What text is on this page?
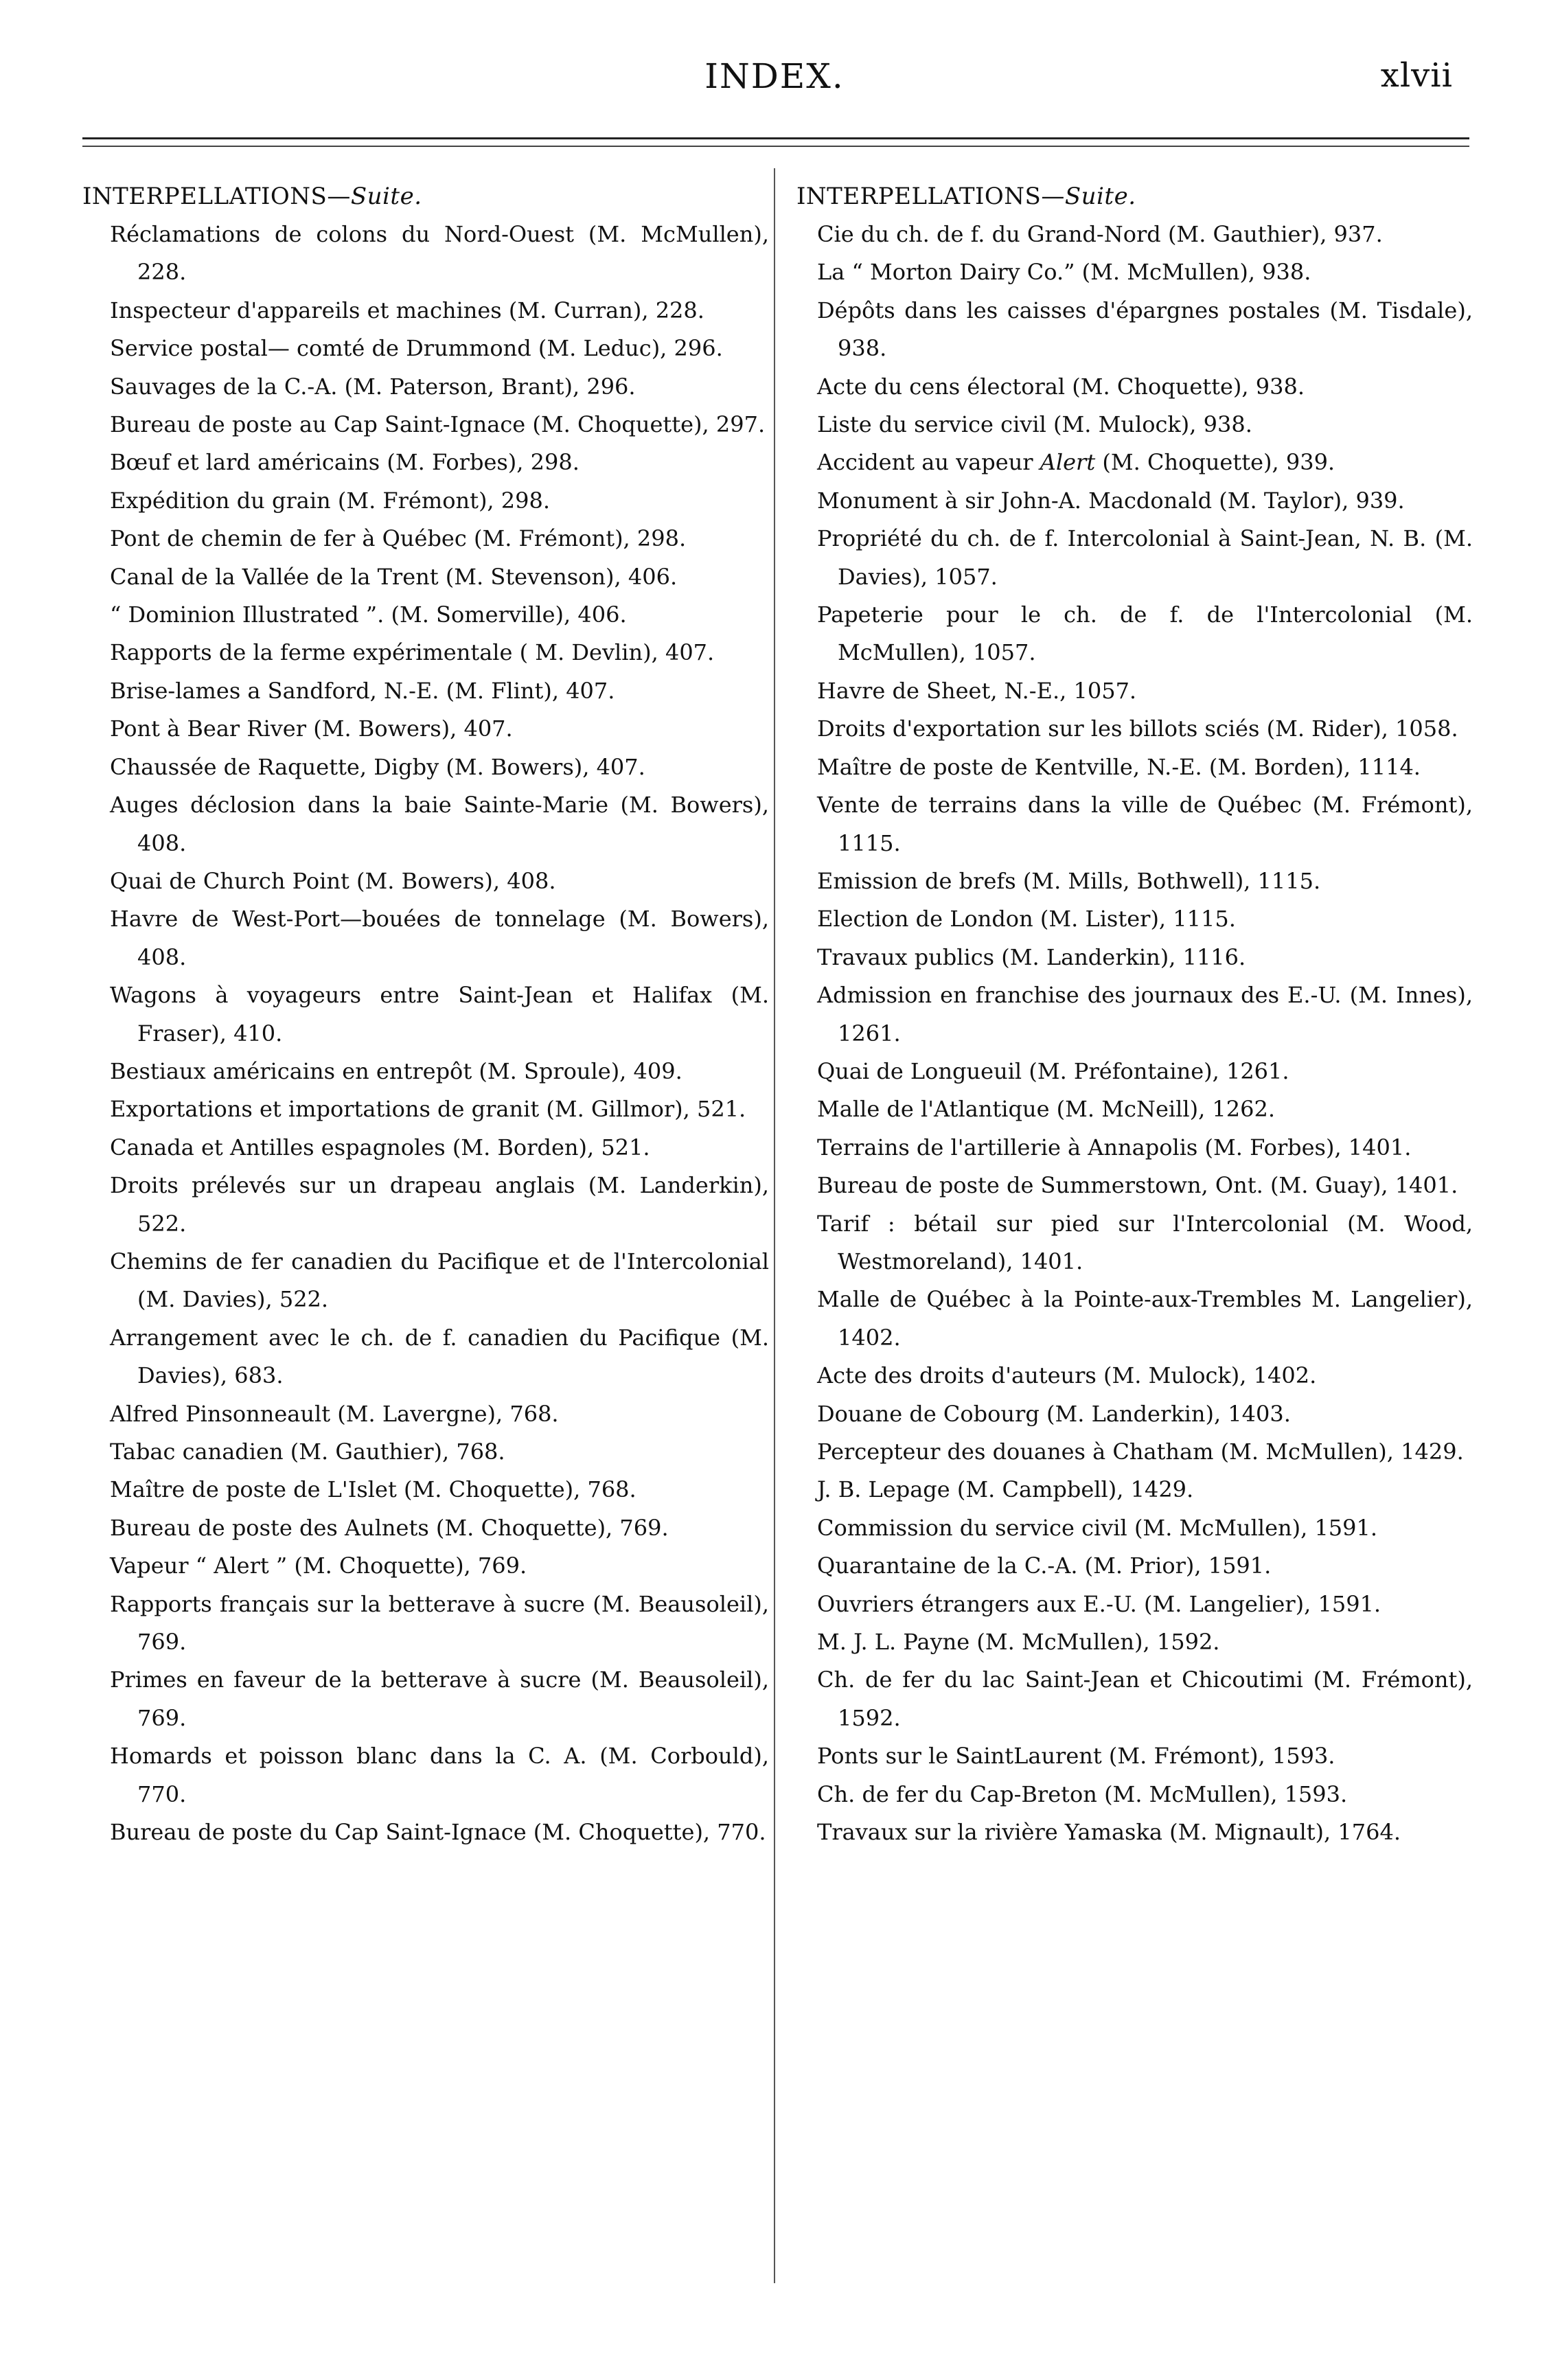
INDEX.	xlvii
INTERPELLATIONS—Suite.

Réclamations de colons du Nord-Ouest (M. McMullen), 228.

Inspecteur d'appareils et machines (M. Curran), 228.

Service postal— comté de Drummond (M. Leduc), 296.

Sauvages de la C.-A. (M. Paterson, Brant), 296.

Bureau de poste au Cap Saint-Ignace (M. Choquette), 297.

Bœuf et lard américains (M. Forbes), 298.

Expédition du grain (M. Frémont), 298.

Pont de chemin de fer à Québec (M. Frémont), 298.

Canal de la Vallée de la Trent (M. Stevenson), 406.

“ Dominion Illustrated ”. (M. Somerville), 406.

Rapports de la ferme expérimentale ( M. Devlin), 407.

Brise-lames a Sandford, N.-E. (M. Flint), 407.

Pont à Bear River (M. Bowers), 407.

Chaussée de Raquette, Digby (M. Bowers), 407.

Auges déclosion dans la baie Sainte-Marie (M. Bowers), 408.

Quai de Church Point (M. Bowers), 408.

Havre de West-Port—bouées de tonnelage (M. Bowers), 408.

Wagons à voyageurs entre Saint-Jean et Halifax (M. Fraser), 410.

Bestiaux américains en entrepôt (M. Sproule), 409.

Exportations et importations de granit (M. Gillmor), 521.

Canada et Antilles espagnoles (M. Borden), 521.

Droits prélevés sur un drapeau anglais (M. Landerkin), 522.

Chemins de fer canadien du Pacifique et de l'Intercolonial (M. Davies), 522.

Arrangement avec le ch. de f. canadien du Pacifique (M. Davies), 683.

Alfred Pinsonneault (M. Lavergne), 768.

Tabac canadien (M. Gauthier), 768.

Maître de poste de L'Islet (M. Choquette), 768.

Bureau de poste des Aulnets (M. Choquette), 769.

Vapeur “ Alert ” (M. Choquette), 769.

Rapports français sur la betterave à sucre (M. Beausoleil), 769.

Primes en faveur de la betterave à sucre (M. Beausoleil), 769.

Homards et poisson blanc dans la C. A. (M. Corbould), 770.

Bureau de poste du Cap Saint-Ignace (M. Choquette), 770.

INTERPELLATIONS—Suite.

Cie du ch. de f. du Grand-Nord (M. Gauthier), 937.

La “ Morton Dairy Co.” (M. McMullen), 938.

Dépôts dans les caisses d'épargnes postales (M. Tisdale), 938.

Acte du cens électoral (M. Choquette), 938.

Liste du service civil (M. Mulock), 938.

Accident au vapeur Alert (M. Choquette), 939.

Monument à sir John-A. Macdonald (M. Taylor), 939.

Propriété du ch. de f. Intercolonial à Saint-Jean, N. B. (M. Davies), 1057.

Papeterie pour le ch. de f. de l'Intercolonial (M. McMullen), 1057.

Havre de Sheet, N.-E., 1057.

Droits d'exportation sur les billots sciés (M. Rider), 1058.

Maître de poste de Kentville, N.-E. (M. Borden), 1114.

Vente de terrains dans la ville de Québec (M. Frémont), 1115.

Emission de brefs (M. Mills, Bothwell), 1115.

Election de London (M. Lister), 1115.

Travaux publics (M. Landerkin), 1116.

Admission en franchise des journaux des E.-U. (M. Innes), 1261.

Quai de Longueuil (M. Préfontaine), 1261.

Malle de l'Atlantique (M. McNeill), 1262.

Terrains de l'artillerie à Annapolis (M. Forbes), 1401.

Bureau de poste de Summerstown, Ont. (M. Guay), 1401.

Tarif : bétail sur pied sur l'Intercolonial (M. Wood, Westmoreland), 1401.

Malle de Québec à la Pointe-aux-Trembles M. Langelier), 1402.

Acte des droits d'auteurs (M. Mulock), 1402.

Douane de Cobourg (M. Landerkin), 1403.

Percepteur des douanes à Chatham (M. McMullen), 1429.

J. B. Lepage (M. Campbell), 1429.

Commission du service civil (M. McMullen), 1591.

Quarantaine de la C.-A. (M. Prior), 1591.

Ouvriers étrangers aux E.-U. (M. Langelier), 1591.

M. J. L. Payne (M. McMullen), 1592.

Ch. de fer du lac Saint-Jean et Chicoutimi (M. Frémont), 1592.

Ponts sur le SaintLaurent (M. Frémont), 1593.

Ch. de fer du Cap-Breton (M. McMullen), 1593.

Travaux sur la rivière Yamaska (M. Mignault), 1764.
